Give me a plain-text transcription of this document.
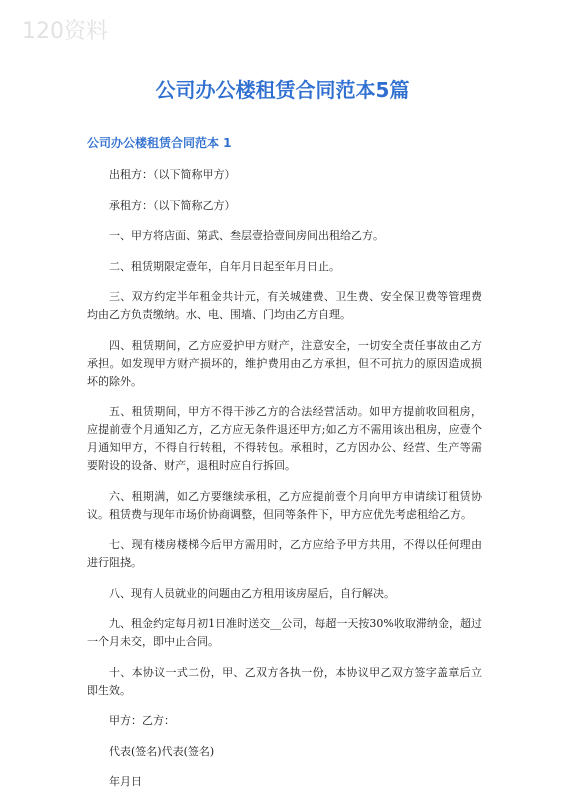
120资料
公司办公楼租赁合同范本5篇
公司办公楼租赁合同范本 1

出租方：（以下简称甲方）

承租方：（以下简称乙方）

一、甲方将店面、第武、叁层壹拾壹间房间出租给乙方。

二、租赁期限定壹年，自年月日起至年月日止。

三、双方约定半年租金共计元，有关城建费、卫生费、安全保卫费等管理费均由乙方负责缴纳。水、电、围墙、门均由乙方自理。

四、租赁期间，乙方应爱护甲方财产，注意安全，一切安全责任事故由乙方承担。如发现甲方财产损坏的，维护费用由乙方承担，但不可抗力的原因造成损坏的除外。

五、租赁期间，甲方不得干涉乙方的合法经营活动。如甲方提前收回租房，应提前壹个月通知乙方，乙方应无条件退还甲方;如乙方不需用该出租房，应壹个月通知甲方，不得自行转租，不得转包。承租时，乙方因办公、经营、生产等需要附设的设备、财产，退租时应自行拆回。

六、租期满，如乙方要继续承租，乙方应提前壹个月向甲方申请续订租赁协议。租赁费与现年市场价协商调整，但同等条件下，甲方应优先考虑租给乙方。

七、现有楼房楼梯今后甲方需用时，乙方应给予甲方共用，不得以任何理由进行阻挠。

八、现有人员就业的问题由乙方租用该房屋后，自行解决。

九、租金约定每月初1日准时送交__公司，每超一天按30%收取滞纳金，超过一个月未交，即中止合同。

十、本协议一式二份，甲、乙双方各执一份，本协议甲乙双方签字盖章后立即生效。

甲方：乙方：

代表(签名)代表(签名)

年月日
